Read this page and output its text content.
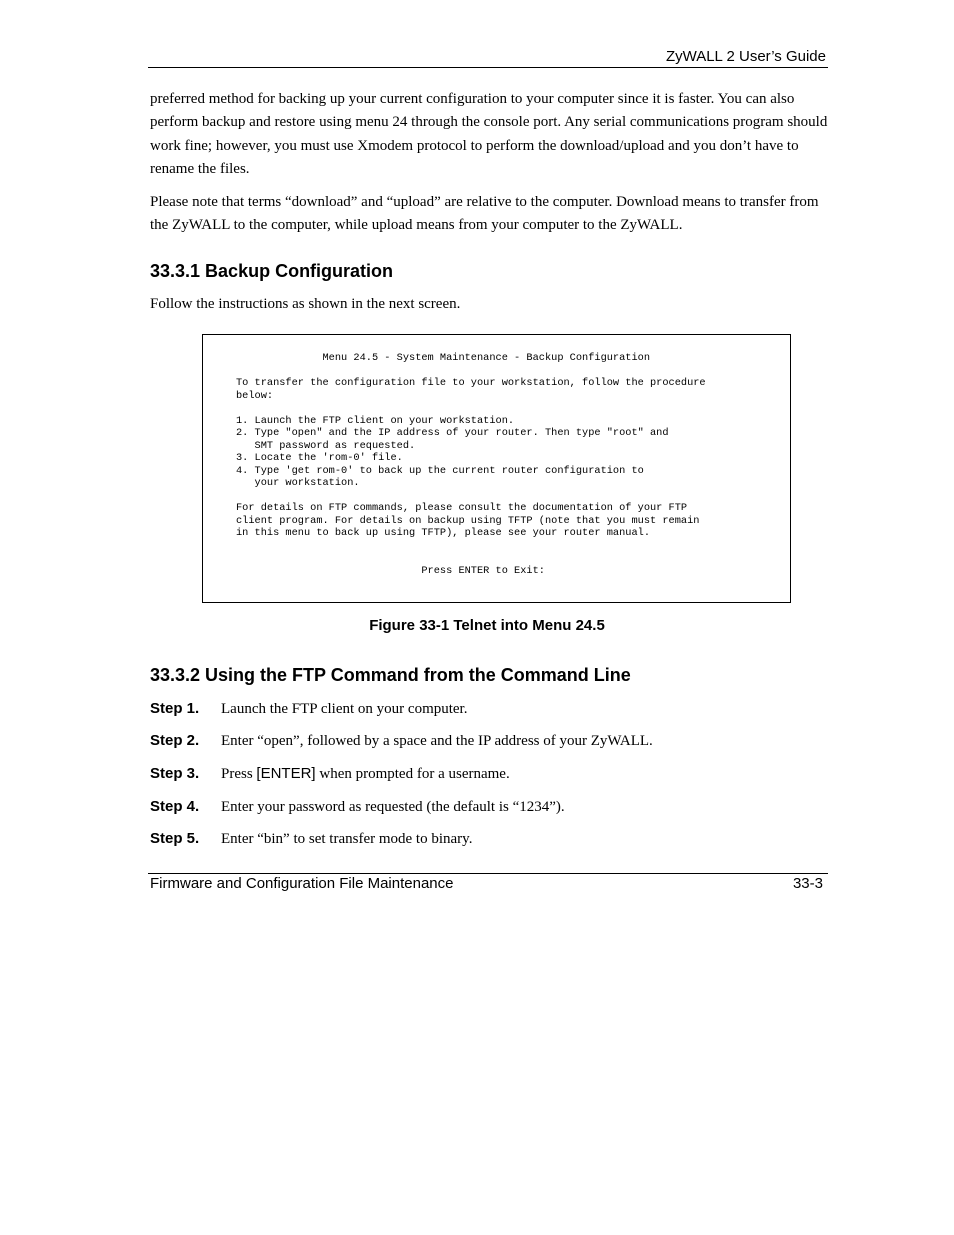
ZyWALL 2 User’s Guide

preferred method for backing up your current configuration to your computer since it is faster. You can also perform backup and restore using menu 24 through the console port. Any serial communications program should work fine; however, you must use Xmodem protocol to perform the download/upload and you don’t have to rename the files.

Please note that terms “download” and “upload” are relative to the computer. Download means to transfer from the ZyWALL to the computer, while upload means from your computer to the ZyWALL.

33.3.1 Backup Configuration

Follow the instructions as shown in the next screen.

Menu 24.5 - System Maintenance - Backup Configuration

To transfer the configuration file to your workstation, follow the procedure
below:

1. Launch the FTP client on your workstation.
2. Type "open" and the IP address of your router. Then type "root" and
SMT password as requested.
3. Locate the 'rom-0' file.
4. Type 'get rom-0' to back up the current router configuration to
your workstation.

For details on FTP commands, please consult the documentation of your FTP
client program. For details on backup using TFTP (note that you must remain
in this menu to back up using TFTP), please see your router manual.

Press ENTER to Exit:
Figure 33-1 Telnet into Menu 24.5
33.3.2 Using the FTP Command from the Command Line
Step 1. Launch the FTP client on your computer.
Step 2. Enter “open”, followed by a space and the IP address of your ZyWALL.
Step 3. Press [ENTER] when prompted for a username.
Step 4. Enter your password as requested (the default is “1234”).
Step 5. Enter “bin” to set transfer mode to binary.
Firmware and Configuration File Maintenance	33-3
